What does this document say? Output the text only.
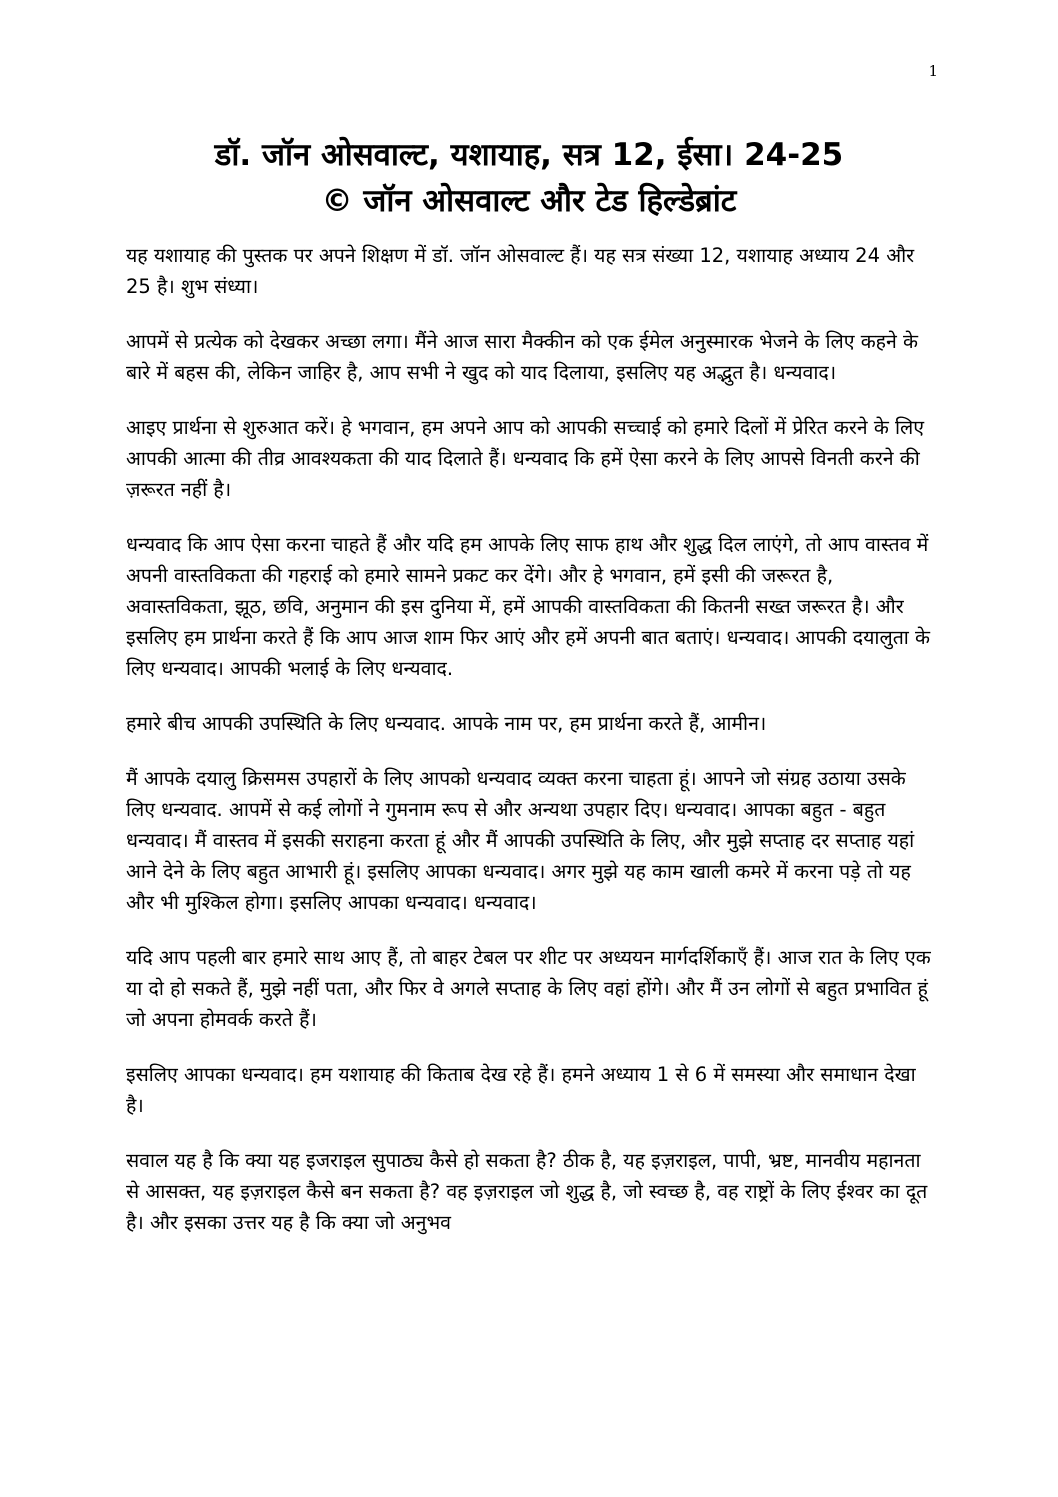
1
डॉ. जॉन ओसवाल्ट, यशायाह, सत्र 12, ईसा। 24-25
© जॉन ओसवाल्ट और टेड हिल्डेब्रांट

यह यशायाह की पुस्तक पर अपने शिक्षण में डॉ. जॉन ओसवाल्ट हैं। यह सत्र संख्या 12, यशायाह अध्याय 24 और 25 है। शुभ संध्या।

आपमें से प्रत्येक को देखकर अच्छा लगा। मैंने आज सारा मैक्कीन को एक ईमेल अनुस्मारक भेजने के लिए कहने के बारे में बहस की, लेकिन जाहिर है, आप सभी ने खुद को याद दिलाया, इसलिए यह अद्भुत है। धन्यवाद।

आइए प्रार्थना से शुरुआत करें। हे भगवान, हम अपने आप को आपकी सच्चाई को हमारे दिलों में प्रेरित करने के लिए आपकी आत्मा की तीव्र आवश्यकता की याद दिलाते हैं। धन्यवाद कि हमें ऐसा करने के लिए आपसे विनती करने की ज़रूरत नहीं है।

धन्यवाद कि आप ऐसा करना चाहते हैं और यदि हम आपके लिए साफ हाथ और शुद्ध दिल लाएंगे, तो आप वास्तव में अपनी वास्तविकता की गहराई को हमारे सामने प्रकट कर देंगे। और हे भगवान, हमें इसी की जरूरत है, अवास्तविकता, झूठ, छवि, अनुमान की इस दुनिया में, हमें आपकी वास्तविकता की कितनी सख्त जरूरत है। और इसलिए हम प्रार्थना करते हैं कि आप आज शाम फिर आएं और हमें अपनी बात बताएं। धन्यवाद। आपकी दयालुता के लिए धन्यवाद। आपकी भलाई के लिए धन्यवाद.

हमारे बीच आपकी उपस्थिति के लिए धन्यवाद. आपके नाम पर, हम प्रार्थना करते हैं, आमीन।

मैं आपके दयालु क्रिसमस उपहारों के लिए आपको धन्यवाद व्यक्त करना चाहता हूं। आपने जो संग्रह उठाया उसके लिए धन्यवाद. आपमें से कई लोगों ने गुमनाम रूप से और अन्यथा उपहार दिए। धन्यवाद। आपका बहुत - बहुत धन्यवाद। मैं वास्तव में इसकी सराहना करता हूं और मैं आपकी उपस्थिति के लिए, और मुझे सप्ताह दर सप्ताह यहां आने देने के लिए बहुत आभारी हूं। इसलिए आपका धन्यवाद। अगर मुझे यह काम खाली कमरे में करना पड़े तो यह और भी मुश्किल होगा। इसलिए आपका धन्यवाद। धन्यवाद।

यदि आप पहली बार हमारे साथ आए हैं, तो बाहर टेबल पर शीट पर अध्ययन मार्गदर्शिकाएँ हैं। आज रात के लिए एक या दो हो सकते हैं, मुझे नहीं पता, और फिर वे अगले सप्ताह के लिए वहां होंगे। और मैं उन लोगों से बहुत प्रभावित हूं जो अपना होमवर्क करते हैं।

इसलिए आपका धन्यवाद। हम यशायाह की किताब देख रहे हैं। हमने अध्याय 1 से 6 में समस्या और समाधान देखा है।

सवाल यह है कि क्या यह इजराइल सुपाठ्य कैसे हो सकता है? ठीक है, यह इज़राइल, पापी, भ्रष्ट, मानवीय महानता से आसक्त, यह इज़राइल कैसे बन सकता है? वह इज़राइल जो शुद्ध है, जो स्वच्छ है, वह राष्ट्रों के लिए ईश्वर का दूत है। और इसका उत्तर यह है कि क्या जो अनुभव
